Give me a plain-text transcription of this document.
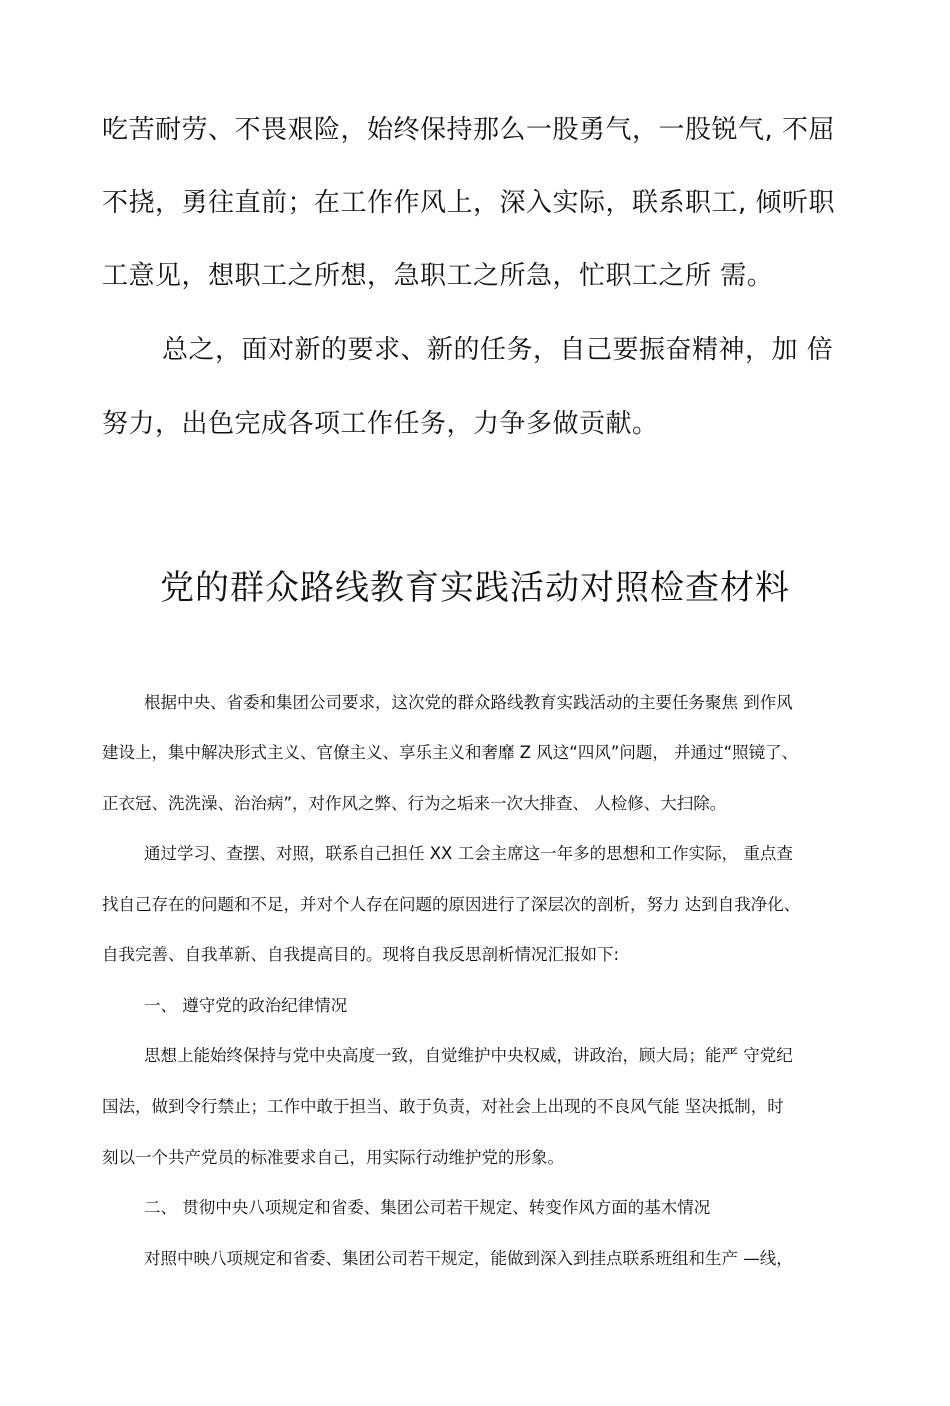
吃苦耐劳、不畏艰险，始终保持那么一股勇气，一股锐气, 不屈
不挠，勇往直前；在工作作风上，深入实际，联系职工, 倾听职
工意见，想职工之所想，急职工之所急，忙职工之所 需。
总之，面对新的要求、新的任务，自己要振奋精神，加 倍
努力，出色完成各项工作任务，力争多做贡献。
党的群众路线教育实践活动对照检查材料
根据中央、省委和集团公司要求，这次党的群众路线教育实践活动的主要任务聚焦 到作风
建设上，集中解决形式主义、官僚主义、享乐主义和奢靡 Z 风这“四风”问题， 并通过“照镜了、
正衣冠、洗洗澡、治治病”，对作风之弊、行为之垢来一次大排查、 人检修、大扫除。
通过学习、查摆、对照，联系自己担任 XX 工会主席这一年多的思想和工作实际， 重点查
找自己存在的问题和不足，并对个人存在问题的原因进行了深层次的剖析，努力 达到自我净化、
自我完善、自我革新、自我提高目的。现将自我反思剖析情况汇报如下:
一、 遵守党的政治纪律情况
思想上能始终保持与党中央高度一致，自觉维护中央权威，讲政治，顾大局；能严 守党纪
国法，做到令行禁止；工作中敢于担当、敢于负责，对社会上出现的不良风气能 坚决抵制，时
刻以一个共产党员的标准要求自己，用实际行动维护党的形象。
二、 贯彻中央八项规定和省委、集团公司若干规定、转变作风方面的基木情况
对照中映八项规定和省委、集团公司若干规定，能做到深入到挂点联系班组和生产 —线，
